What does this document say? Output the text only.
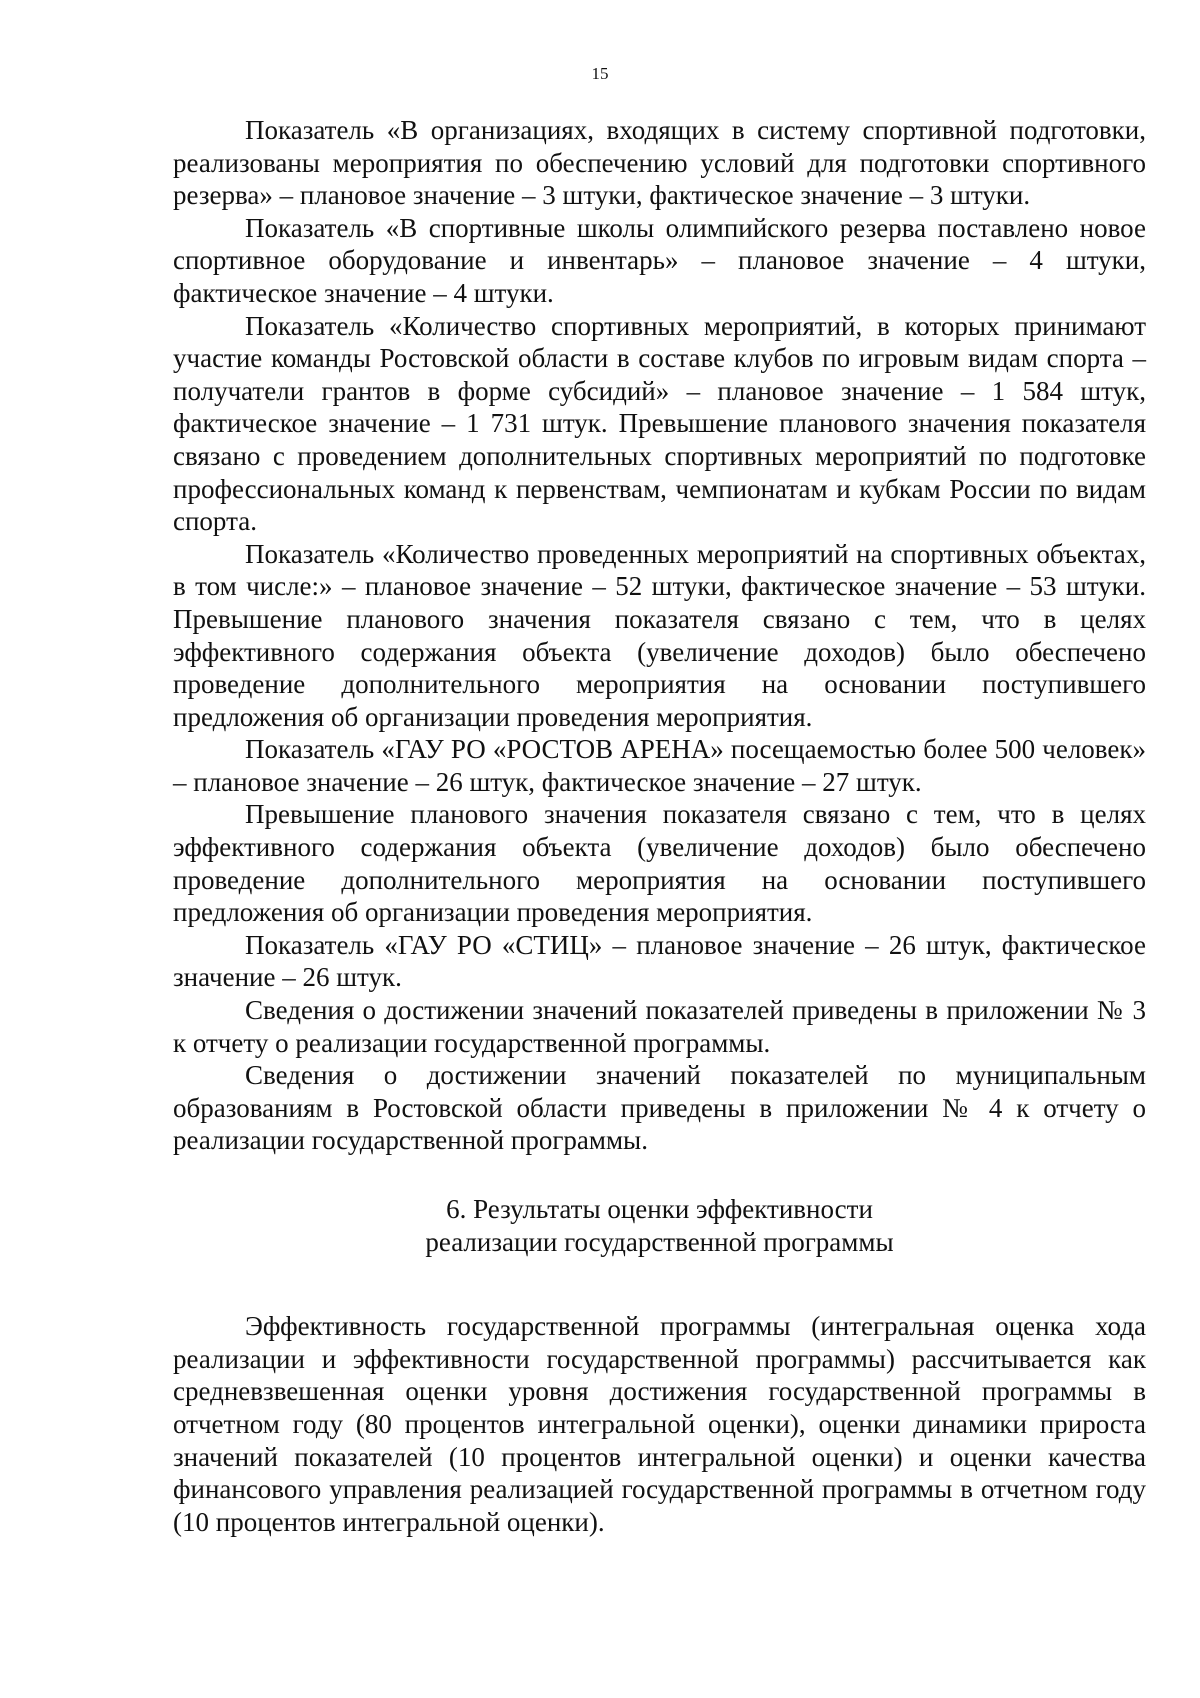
15

Показатель «В организациях, входящих в систему спортивной подготовки, реализованы мероприятия по обеспечению условий для подготовки спортивного резерва» – плановое значение – 3 штуки, фактическое значение – 3 штуки.

Показатель «В спортивные школы олимпийского резерва поставлено новое спортивное оборудование и инвентарь» – плановое значение – 4 штуки, фактическое значение – 4 штуки.

Показатель «Количество спортивных мероприятий, в которых принимают участие команды Ростовской области в составе клубов по игровым видам спорта – получатели грантов в форме субсидий» – плановое значение – 1 584 штук, фактическое значение – 1 731 штук. Превышение планового значения показателя связано с проведением дополнительных спортивных мероприятий по подготовке профессиональных команд к первенствам, чемпионатам и кубкам России по видам спорта.

Показатель «Количество проведенных мероприятий на спортивных объектах, в том числе:» – плановое значение – 52 штуки, фактическое значение – 53 штуки. Превышение планового значения показателя связано с тем, что в целях эффективного содержания объекта (увеличение доходов) было обеспечено проведение дополнительного мероприятия на основании поступившего предложения об организации проведения мероприятия.

Показатель «ГАУ РО «РОСТОВ АРЕНА» посещаемостью более 500 человек» – плановое значение – 26 штук, фактическое значение – 27 штук.

Превышение планового значения показателя связано с тем, что в целях эффективного содержания объекта (увеличение доходов) было обеспечено проведение дополнительного мероприятия на основании поступившего предложения об организации проведения мероприятия.

Показатель «ГАУ РО «СТИЦ» – плановое значение – 26 штук, фактическое значение – 26 штук.

Сведения о достижении значений показателей приведены в приложении № 3 к отчету о реализации государственной программы.

Сведения о достижении значений показателей по муниципальным образованиям в Ростовской области приведены в приложении № 4 к отчету о реализации государственной программы.

6. Результаты оценки эффективности

реализации государственной программы

Эффективность государственной программы (интегральная оценка хода реализации и эффективности государственной программы) рассчитывается как средневзвешенная оценки уровня достижения государственной программы в отчетном году (80 процентов интегральной оценки), оценки динамики прироста значений показателей (10 процентов интегральной оценки) и оценки качества финансового управления реализацией государственной программы в отчетном году (10 процентов интегральной оценки).
